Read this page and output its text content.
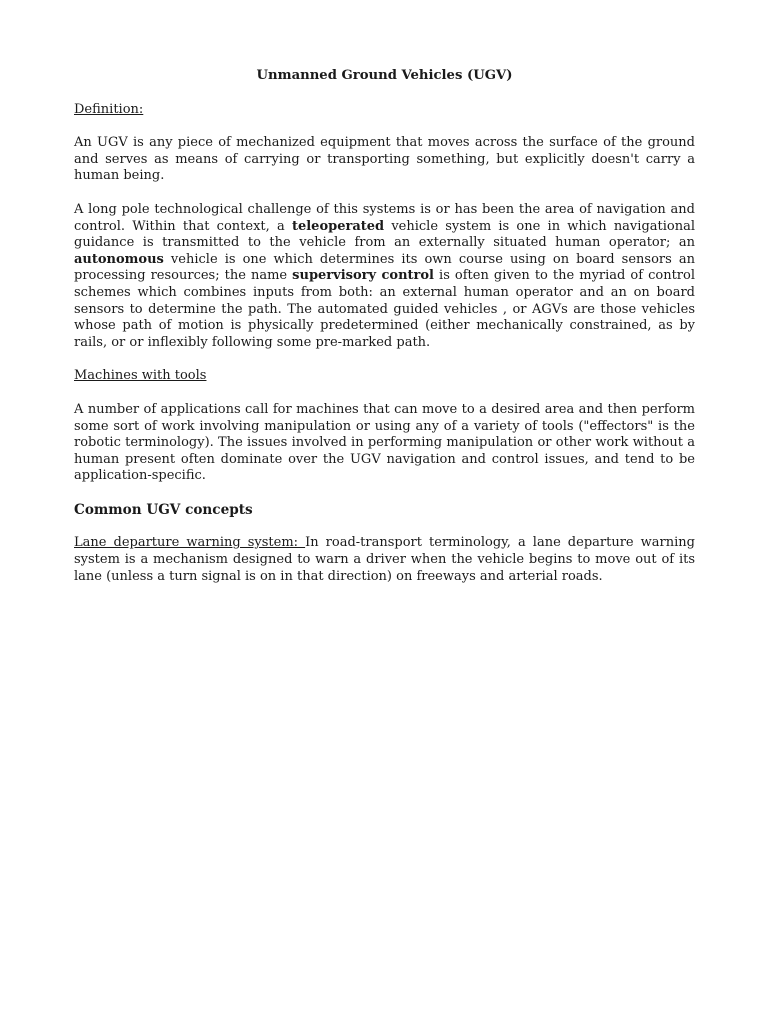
Unmanned Ground Vehicles (UGV)
Definition:

An UGV is any piece of mechanized equipment that moves across the surface of the ground and serves as means of carrying or transporting something, but explicitly doesn't carry a human being.

A long pole technological challenge of this systems is or has been the area of navigation and control. Within that context, a teleoperated vehicle system is one in which navigational guidance is transmitted to the vehicle from an externally situated human operator; an autonomous vehicle is one which determines its own course using on board sensors an processing resources; the name supervisory control is often given to the myriad of control schemes which combines inputs from both: an external human operator and an on board sensors to determine the path. The automated guided vehicles , or AGVs are those vehicles whose path of motion is physically predetermined (either mechanically constrained, as by rails, or or inflexibly following some pre-marked path.

Machines with tools

A number of applications call for machines that can move to a desired area and then perform some sort of work involving manipulation or using any of a variety of tools ("effectors" is the robotic terminology). The issues involved in performing manipulation or other work without a human present often dominate over the UGV navigation and control issues, and tend to be application-specific.

Common UGV concepts

Lane departure warning system: In road-transport terminology, a lane departure warning system is a mechanism designed to warn a driver when the vehicle begins to move out of its lane (unless a turn signal is on in that direction) on freeways and arterial roads.
